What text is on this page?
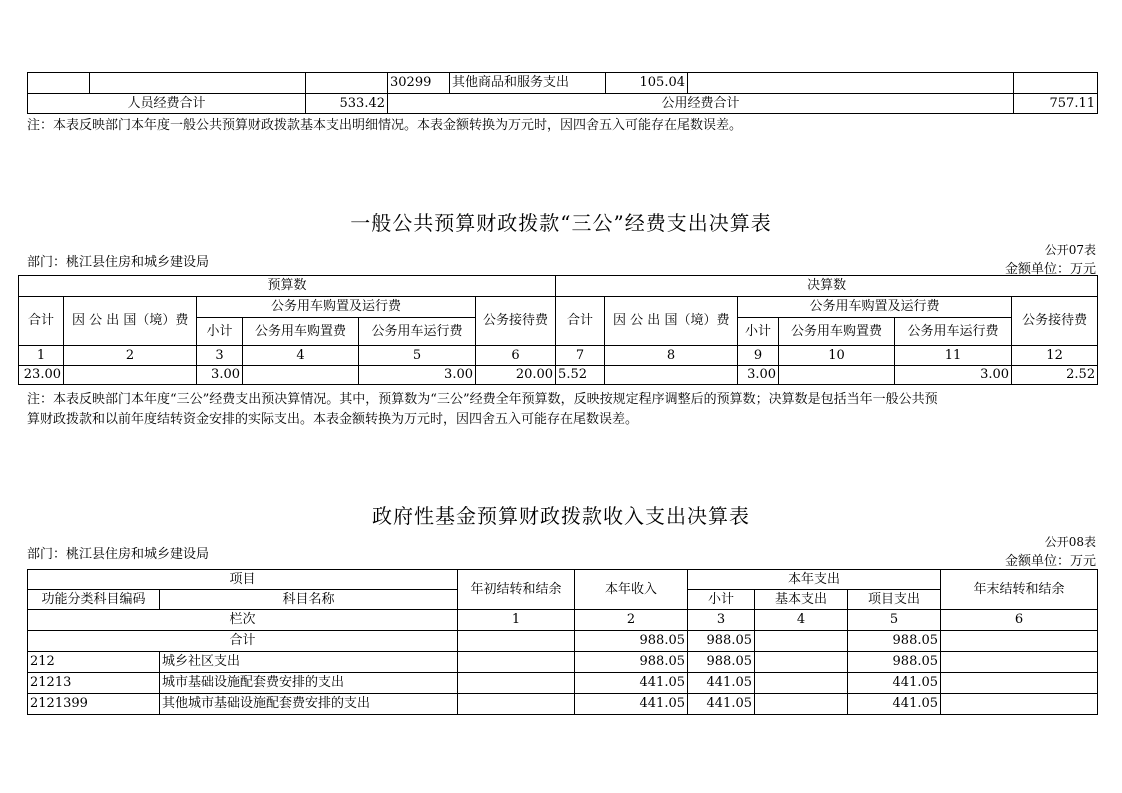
			30299	其他商品和服务支出	105.04		
人员经费合计		533.42	公用经费合计				757.11
注：本表反映部门本年度一般公共预算财政拨款基本支出明细情况。本表金额转换为万元时，因四舍五入可能存在尾数误差。
一般公共预算财政拨款“三公”经费支出决算表
部门：桃江县住房和城乡建设局
公开07表
金额单位：万元
预算数						决算数					
合计	因 公 出 国（境）费	公务用车购置及运行费			公务接待费	合计	因 公 出 国（境）费	公务用车购置及运行费			公务接待费
		小计	公务用车购置费	公务用车运行费				小计	公务用车购置费	公务用车运行费	
1	2	3	4	5	6	7	8	9	10	11	12
23.00		3.00		3.00	20.00	5.52		3.00		3.00	2.52
注：本表反映部门本年度“三公”经费支出预决算情况。其中，预算数为“三公”经费全年预算数，反映按规定程序调整后的预算数；决算数是包括当年一般公共预
算财政拨款和以前年度结转资金安排的实际支出。本表金额转换为万元时，因四舍五入可能存在尾数误差。
政府性基金预算财政拨款收入支出决算表
部门：桃江县住房和城乡建设局
公开08表
金额单位：万元
项目		年初结转和结余	本年收入	本年支出			年末结转和结余
功能分类科目编码	科目名称			小计	基本支出	项目支出	
栏次		1	2	3	4	5	6
合计			988.05	988.05		988.05	
212	城乡社区支出		988.05	988.05		988.05	
21213	城市基础设施配套费安排的支出		441.05	441.05		441.05	
2121399	其他城市基础设施配套费安排的支出		441.05	441.05		441.05	
